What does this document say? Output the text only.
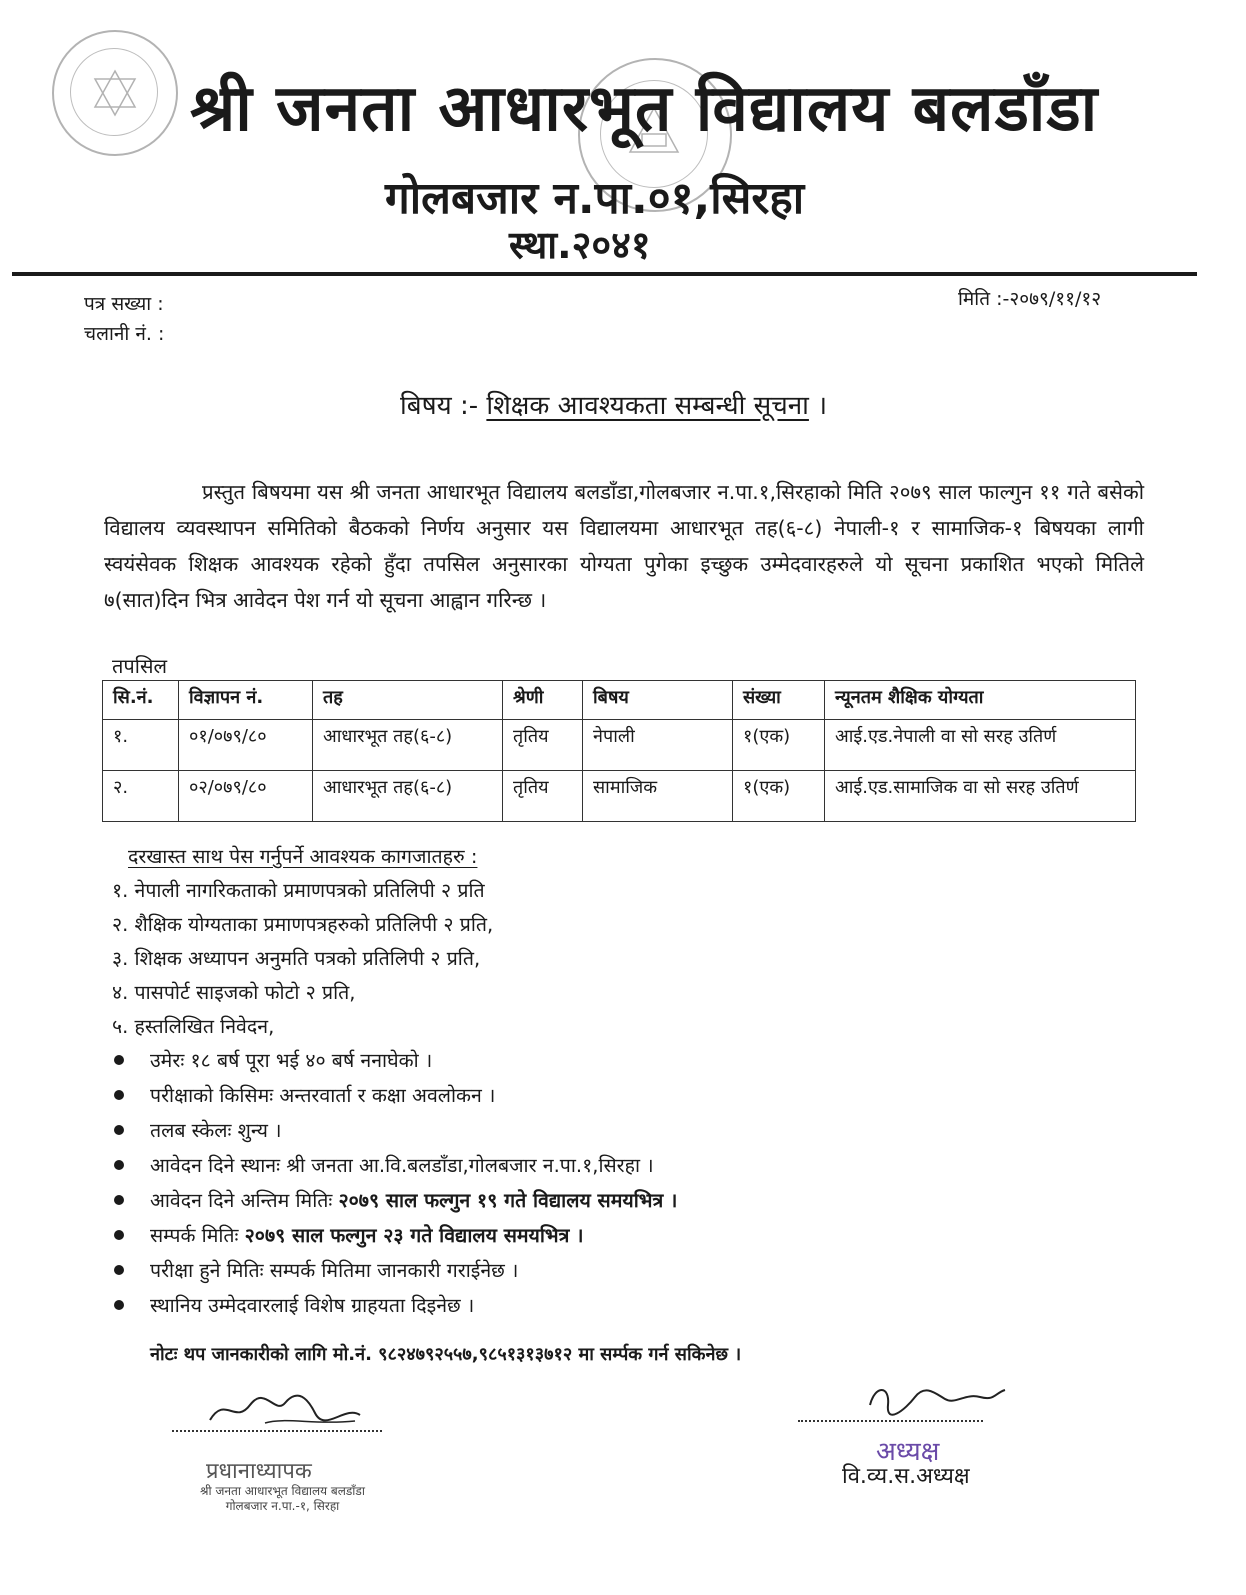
श्री जनता आधारभूत विद्यालय बलडाँडा
गोलबजार न.पा.०१,सिरहा
स्था.२०४१
पत्र सख्या :
चलानी नं. :
मिति :-२०७९/११/१२
बिषय :- शिक्षक आवश्यकता सम्बन्धी सूचना ।

प्रस्तुत बिषयमा यस श्री जनता आधारभूत विद्यालय बलडाँडा,गोलबजार न.पा.१,सिरहाको मिति २०७९ साल फाल्गुन ११ गते बसेको विद्यालय व्यवस्थापन समितिको बैठकको निर्णय अनुसार यस विद्यालयमा आधारभूत तह(६-८) नेपाली-१ र सामाजिक-१ बिषयका लागी स्वयंसेवक शिक्षक आवश्यक रहेको हुँदा तपसिल अनुसारका योग्यता पुगेका इच्छुक उम्मेदवारहरुले यो सूचना प्रकाशित भएको मितिले ७(सात)दिन भित्र आवेदन पेश गर्न यो सूचना आह्वान गरिन्छ ।

तपसिल
सि.नं.	विज्ञापन नं.	तह	श्रेणी	बिषय	संख्या	न्यूनतम शैक्षिक योग्यता
१.	०१/०७९/८०	आधारभूत तह(६-८)	तृतिय	नेपाली	१(एक)	आई.एड.नेपाली वा सो सरह उतिर्ण
२.	०२/०७९/८०	आधारभूत तह(६-८)	तृतिय	सामाजिक	१(एक)	आई.एड.सामाजिक वा सो सरह उतिर्ण
दरखास्त साथ पेस गर्नुपर्ने आवश्यक कागजातहरु :
१. नेपाली नागरिकताको प्रमाणपत्रको प्रतिलिपी २ प्रति
२. शैक्षिक योग्यताका प्रमाणपत्रहरुको प्रतिलिपी २ प्रति,
३. शिक्षक अध्यापन अनुमति पत्रको प्रतिलिपी २ प्रति,
४. पासपोर्ट साइजको फोटो २ प्रति,
५. हस्तलिखित निवेदन,
उमेरः १८ बर्ष पूरा भई ४० बर्ष ननाघेको ।
परीक्षाको किसिमः अन्तरवार्ता र कक्षा अवलोकन ।
तलब स्केलः शुन्य ।
आवेदन दिने स्थानः श्री जनता आ.वि.बलडाँडा,गोलबजार न.पा.१,सिरहा ।
आवेदन दिने अन्तिम मितिः २०७९ साल फल्गुन १९ गते विद्यालय समयभित्र ।
सम्पर्क मितिः २०७९ साल फल्गुन २३ गते विद्यालय समयभित्र ।
परीक्षा हुने मितिः सम्पर्क मितिमा जानकारी गराईनेछ ।
स्थानिय उम्मेदवारलाई विशेष ग्राहयता दिइनेछ ।
नोटः थप जानकारीको लागि मो.नं. ९८२४७९२५५७,९८५१३१३७१२ मा सर्म्पक गर्न सकिनेछ ।
प्रधानाध्यापक
श्री जनता आधारभूत विद्यालय बलडाँडा
गोलबजार न.पा.-१, सिरहा
अध्यक्ष
वि.व्य.स.अध्यक्ष
